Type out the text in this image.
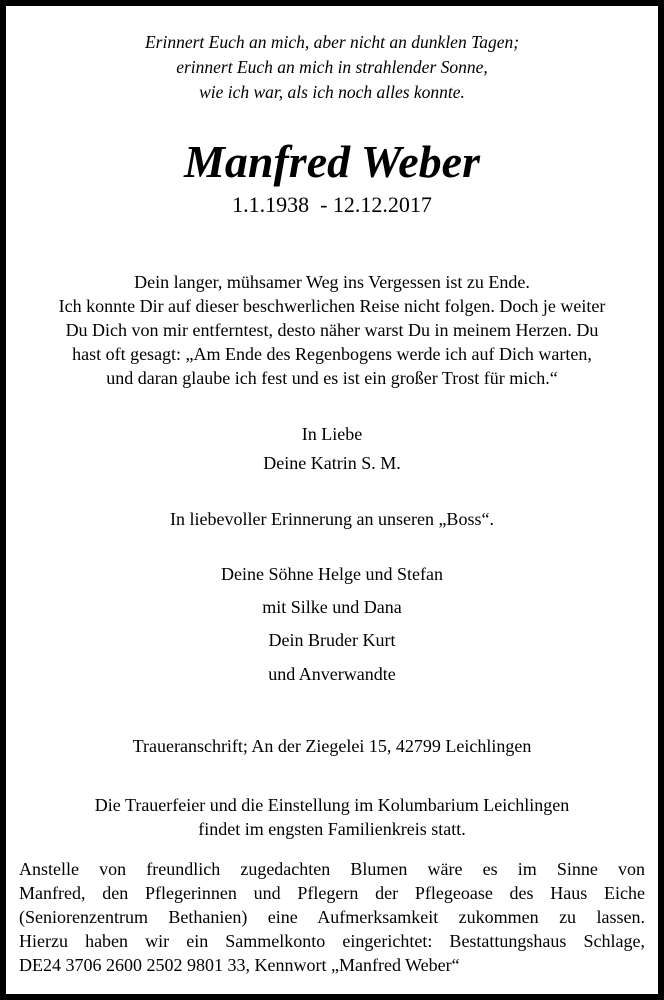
Erinnert Euch an mich, aber nicht an dunklen Tagen;
erinnert Euch an mich in strahlender Sonne,
wie ich war, als ich noch alles konnte.
Manfred Weber
1.1.1938  - 12.12.2017
Dein langer, mühsamer Weg ins Vergessen ist zu Ende.
Ich konnte Dir auf dieser beschwerlichen Reise nicht folgen. Doch je weiter
Du Dich von mir entferntest, desto näher warst Du in meinem Herzen. Du
hast oft gesagt: „Am Ende des Regenbogens werde ich auf Dich warten,
und daran glaube ich fest und es ist ein großer Trost für mich.“
In Liebe
Deine Katrin S. M.
In liebevoller Erinnerung an unseren „Boss“.
Deine Söhne Helge und Stefan
mit Silke und Dana
Dein Bruder Kurt
und Anverwandte
Traueranschrift; An der Ziegelei 15, 42799 Leichlingen
Die Trauerfeier und die Einstellung im Kolumbarium Leichlingen
findet im engsten Familienkreis statt.
Anstelle von freundlich zugedachten Blumen wäre es im Sinne von
Manfred, den Pflegerinnen und Pflegern der Pflegeoase des Haus Eiche
(Seniorenzentrum Bethanien) eine Aufmerksamkeit zukommen zu lassen.
Hierzu haben wir ein Sammelkonto eingerichtet: Bestattungshaus Schlage,
DE24 3706 2600 2502 9801 33, Kennwort „Manfred Weber“
